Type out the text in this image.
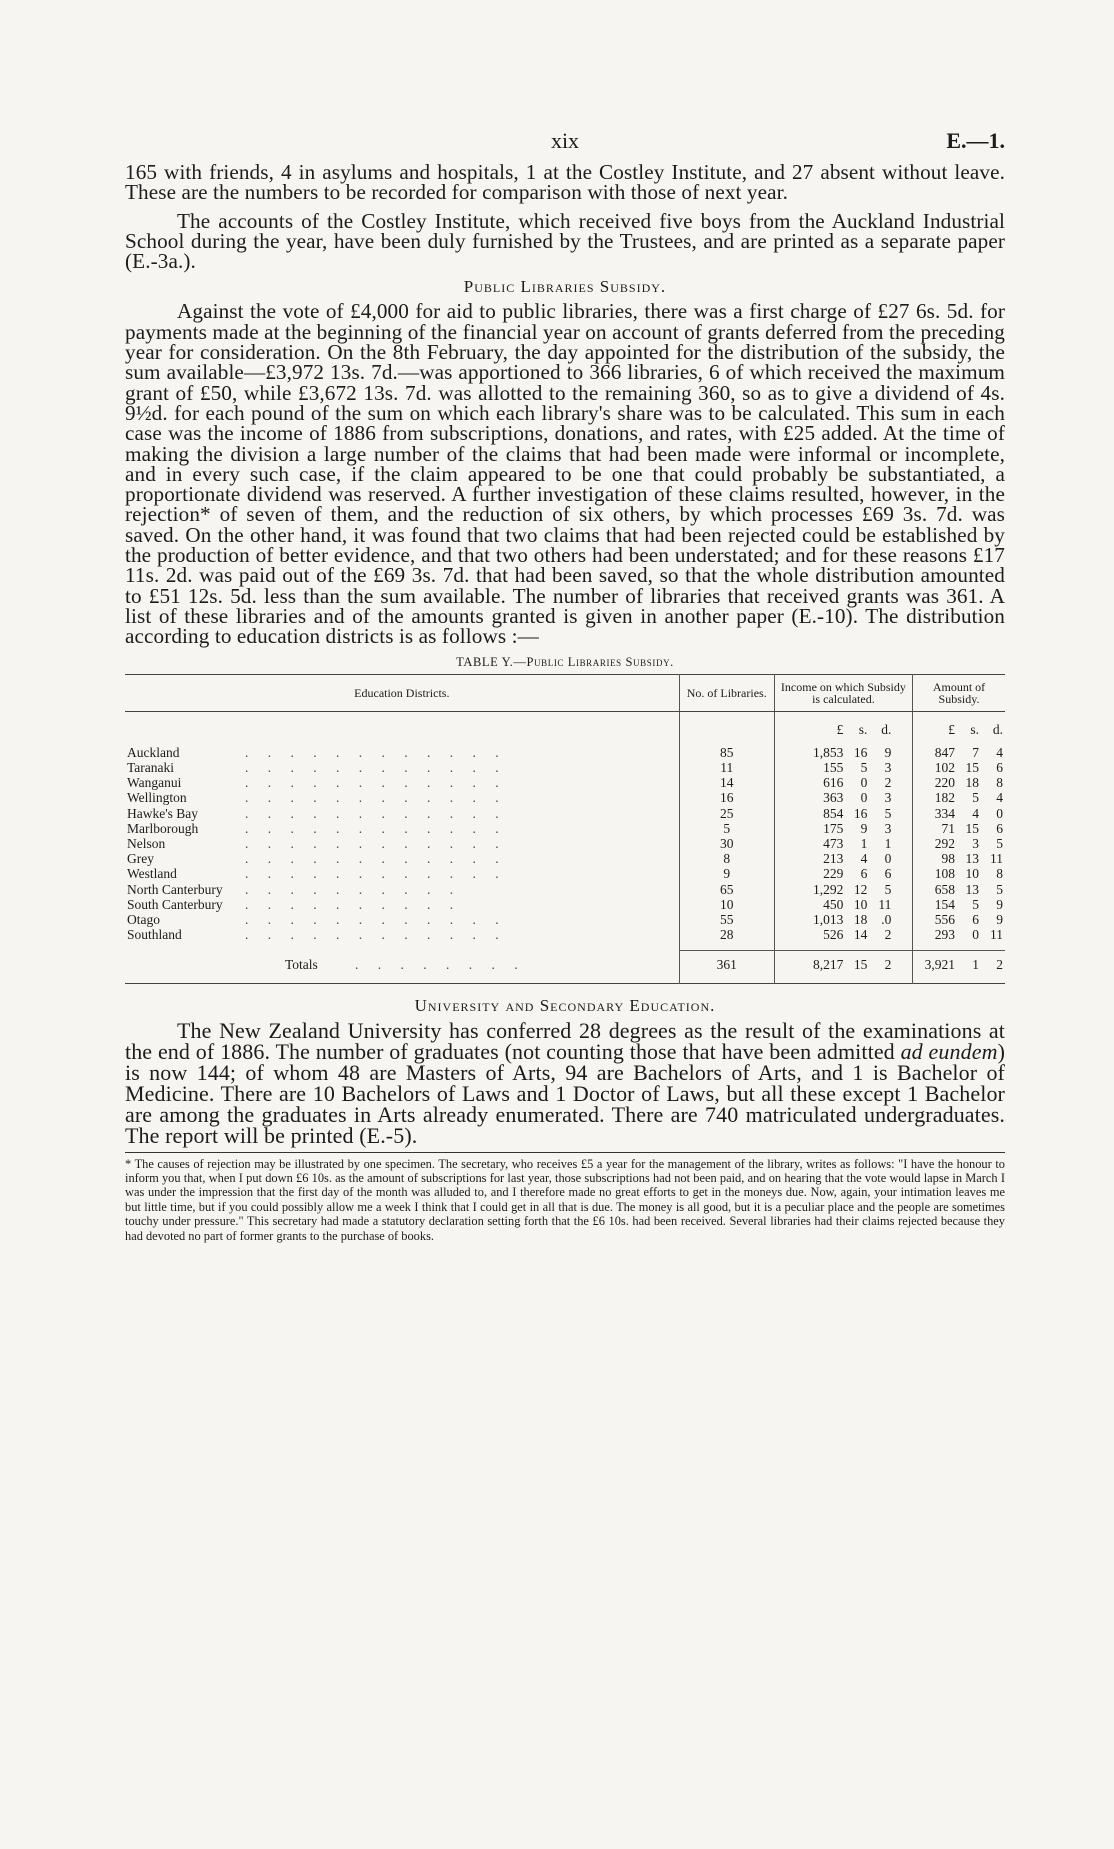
xix	E.—1.

165 with friends, 4 in asylums and hospitals, 1 at the Costley Institute, and 27 absent without leave. These are the numbers to be recorded for comparison with those of next year.

The accounts of the Costley Institute, which received five boys from the Auckland Industrial School during the year, have been duly furnished by the Trustees, and are printed as a separate paper (E.-3a.).

Public Libraries Subsidy.

Against the vote of £4,000 for aid to public libraries, there was a first charge of £27 6s. 5d. for payments made at the beginning of the financial year on account of grants deferred from the preceding year for consideration. On the 8th February, the day appointed for the distribution of the subsidy, the sum available—£3,972 13s. 7d.—was apportioned to 366 libraries, 6 of which received the maximum grant of £50, while £3,672 13s. 7d. was allotted to the remaining 360, so as to give a dividend of 4s. 9½d. for each pound of the sum on which each library's share was to be calculated. This sum in each case was the income of 1886 from subscriptions, donations, and rates, with £25 added. At the time of making the division a large number of the claims that had been made were informal or incomplete, and in every such case, if the claim appeared to be one that could probably be substantiated, a proportionate dividend was reserved. A further investigation of these claims resulted, however, in the rejection* of seven of them, and the reduction of six others, by which processes £69 3s. 7d. was saved. On the other hand, it was found that two claims that had been rejected could be established by the production of better evidence, and that two others had been understated; and for these reasons £17 11s. 2d. was paid out of the £69 3s. 7d. that had been saved, so that the whole distribution amounted to £51 12s. 5d. less than the sum available. The number of libraries that received grants was 361. A list of these libraries and of the amounts granted is given in another paper (E.-10). The distribution according to education districts is as follows :—

TABLE Y.—Public Libraries Subsidy.
Education Districts.	No. of Libraries.	Income on which Subsidy is calculated.	Amount of Subsidy.
		£ s. d.	£ s. d.

Auckland . . . . . . . . . . . .	85	1,853 16 9	847 7 4
Taranaki . . . . . . . . . . . .	11	155 5 3	102 15 6
Wanganui . . . . . . . . . . . .	14	616 0 2	220 18 8
Wellington . . . . . . . . . . . .	16	363 0 3	182 5 4
Hawke's Bay . . . . . . . . . . . .	25	854 16 5	334 4 0
Marlborough . . . . . . . . . . . .	5	175 9 3	71 15 6
Nelson . . . . . . . . . . . .	30	473 1 1	292 3 5
Grey . . . . . . . . . . . .	8	213 4 0	98 13 11
Westland . . . . . . . . . . . .	9	229 6 6	108 10 8
North Canterbury . . . . . . . . . .	65	1,292 12 5	658 13 5
South Canterbury . . . . . . . . . .	10	450 10 11	154 5 9
Otago . . . . . . . . . . . .	55	1,013 18 .0	556 6 9
Southland . . . . . . . . . . . .	28	526 14 2	293 0 11

Totals . . . . . . . .	361	8,217 15 2	3,921 1 2
University and Secondary Education.

The New Zealand University has conferred 28 degrees as the result of the examinations at the end of 1886. The number of graduates (not counting those that have been admitted ad eundem) is now 144; of whom 48 are Masters of Arts, 94 are Bachelors of Arts, and 1 is Bachelor of Medicine. There are 10 Bachelors of Laws and 1 Doctor of Laws, but all these except 1 Bachelor are among the graduates in Arts already enumerated. There are 740 matriculated undergraduates. The report will be printed (E.-5).

* The causes of rejection may be illustrated by one specimen. The secretary, who receives £5 a year for the management of the library, writes as follows: "I have the honour to inform you that, when I put down £6 10s. as the amount of subscriptions for last year, those subscriptions had not been paid, and on hearing that the vote would lapse in March I was under the impression that the first day of the month was alluded to, and I therefore made no great efforts to get in the moneys due. Now, again, your intimation leaves me but little time, but if you could possibly allow me a week I think that I could get in all that is due. The money is all good, but it is a peculiar place and the people are sometimes touchy under pressure." This secretary had made a statutory declaration setting forth that the £6 10s. had been received. Several libraries had their claims rejected because they had devoted no part of former grants to the purchase of books.
